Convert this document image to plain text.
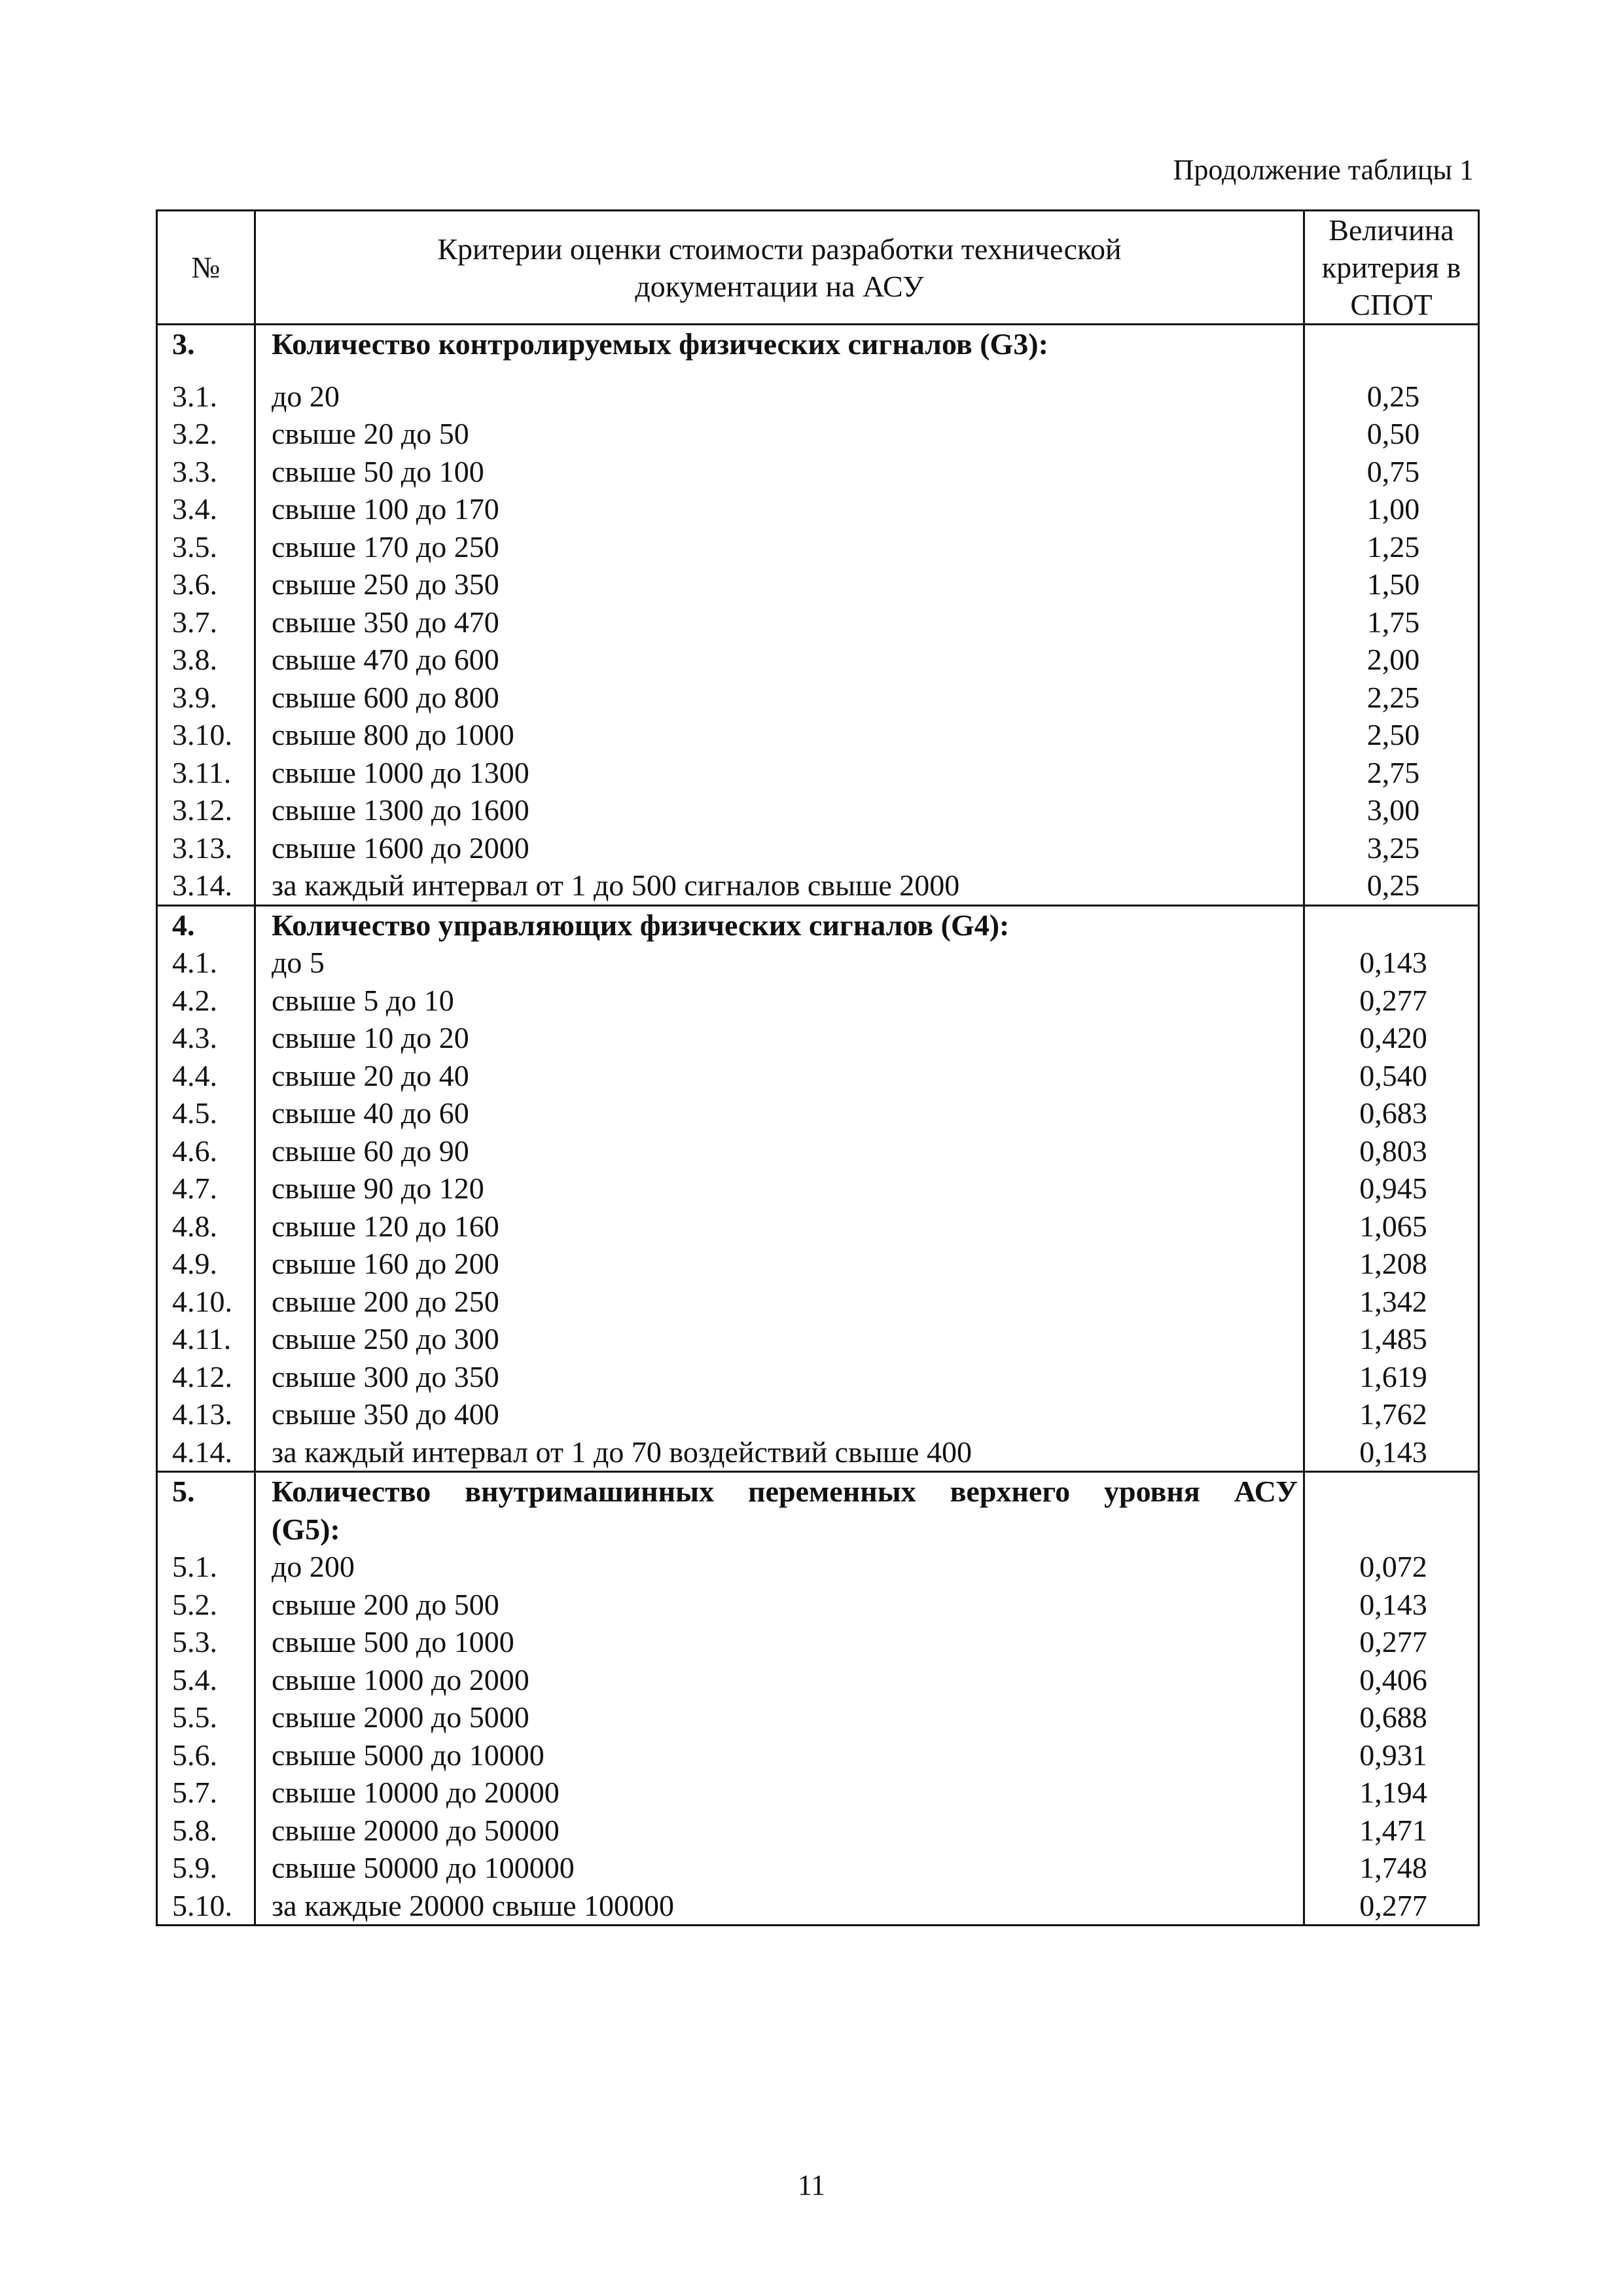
Продолжение таблицы 1
№	Критерии оценки стоимости разработки технической документации на АСУ	Величина критерия в СПОТ

3.	Количество контролируемых физических сигналов (G3):	

3.1.	до 20	0,25
3.2.	свыше 20 до 50	0,50
3.3.	свыше 50 до 100	0,75
3.4.	свыше 100 до 170	1,00
3.5.	свыше 170 до 250	1,25
3.6.	свыше 250 до 350	1,50
3.7.	свыше 350 до 470	1,75
3.8.	свыше 470 до 600	2,00
3.9.	свыше 600 до 800	2,25
3.10.	свыше 800 до 1000	2,50
3.11.	свыше 1000 до 1300	2,75
3.12.	свыше 1300 до 1600	3,00
3.13.	свыше 1600 до 2000	3,25
3.14.	за каждый интервал от 1 до 500 сигналов свыше 2000	0,25
4.	Количество управляющих физических сигналов (G4):	
4.1.	до 5	0,143
4.2.	свыше 5 до 10	0,277
4.3.	свыше 10 до 20	0,420
4.4.	свыше 20 до 40	0,540
4.5.	свыше 40 до 60	0,683
4.6.	свыше 60 до 90	0,803
4.7.	свыше 90 до 120	0,945
4.8.	свыше 120 до 160	1,065
4.9.	свыше 160 до 200	1,208
4.10.	свыше 200 до 250	1,342
4.11.	свыше 250 до 300	1,485
4.12.	свыше 300 до 350	1,619
4.13.	свыше 350 до 400	1,762
4.14.	за каждый интервал от 1 до 70 воздействий свыше 400	0,143
5.	Количество внутримашинных переменных верхнего уровня АСУ
(G5):	

5.1.	до 200	0,072
5.2.	свыше 200 до 500	0,143
5.3.	свыше 500 до 1000	0,277
5.4.	свыше 1000 до 2000	0,406
5.5.	свыше 2000 до 5000	0,688
5.6.	свыше 5000 до 10000	0,931
5.7.	свыше 10000 до 20000	1,194
5.8.	свыше 20000 до 50000	1,471
5.9.	свыше 50000 до 100000	1,748
5.10.	за каждые 20000 свыше 100000	0,277
11
